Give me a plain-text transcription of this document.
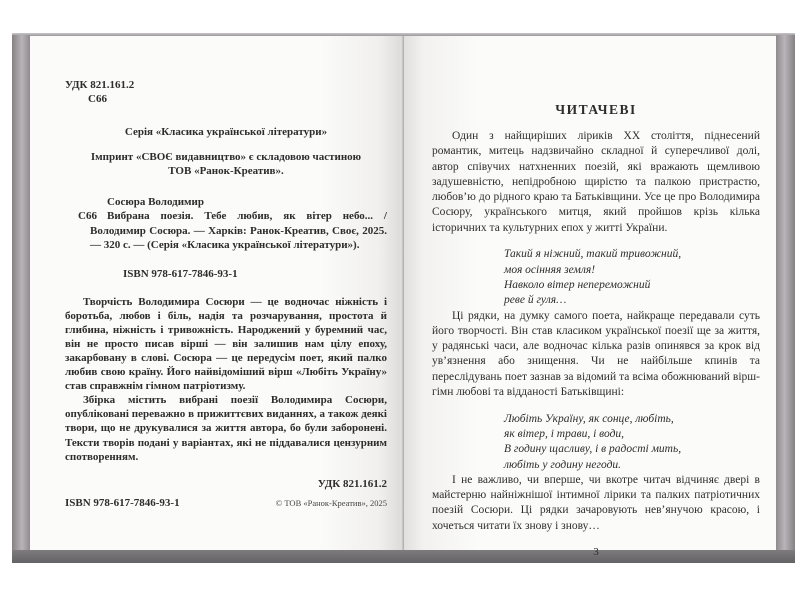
УДК 821.161.2
С66
Серія «Класика української літератури»
Імпринт «СВОЄ видавництво» є складовою частиною
ТОВ «Ранок-Креатив».
Сосюра Володимир
С66 Вибрана поезія. Тебе любив, як вітер небо... / Володимир Сосюра. — Харків: Ранок-Креатив, Своє, 2025. — 320 с. — (Серія «Класика української літератури»).
ISBN 978-617-7846-93-1
Творчість Володимира Сосюри — це водночас ніжність і боротьба, любов і біль, надія та розчарування, простота й глибина, ніжність і тривожність. Народжений у буремний час, він не просто писав вірші — він залишив нам цілу епоху, закарбовану в слові. Сосюра — це передусім поет, який палко любив свою країну. Його найвідоміший вірш «Любіть Україну» став справжнім гімном патріотизму.
Збірка містить вибрані поезії Володимира Сосюри, опубліковані переважно в прижиттєвих виданнях, а також деякі твори, що не друкувалися за життя автора, бо були заборонені. Тексти творів подані у варіантах, які не піддавалися цензурним спотворенням.
УДК 821.161.2
ISBN 978-617-7846-93-1	© ТОВ «Ранок-Креатив», 2025
ЧИТАЧЕВІ

Один з найщиріших ліриків XX століття, піднесений романтик, митець надзвичайно складної й суперечливої долі, автор співучих натхненних поезій, які вражають щемливою задушевністю, непідробною щирістю та палкою пристрастю, любов’ю до рідного краю та Батьківщини. Усе це про Володимира Сосюру, українського митця, який пройшов крізь кілька історичних та культурних епох у житті України.

Такий я ніжний, такий тривожний,
моя осінняя земля!
Навколо вітер непереможний
реве й гуля…

Ці рядки, на думку самого поета, найкраще передавали суть його творчості. Він став класиком української поезії ще за життя, у радянські часи, але водночас кілька разів опинявся за крок від ув’язнення або знищення. Чи не найбільше кпинів та переслідувань поет зазнав за відомий та всіма обожнюваний вірш-гімн любові та відданості Батьківщині:

Любіть Україну, як сонце, любіть,
як вітер, і трави, і води,
В годину щасливу, і в радості мить,
любіть у годину негоди.

І не важливо, чи вперше, чи вкотре читач відчиняє двері в майстерню найніжнішої інтимної лірики та палких патріотичних поезій Сосюри. Ці рядки зачаровують нев’янучою красою, і хочеться читати їх знову і знову…

3
